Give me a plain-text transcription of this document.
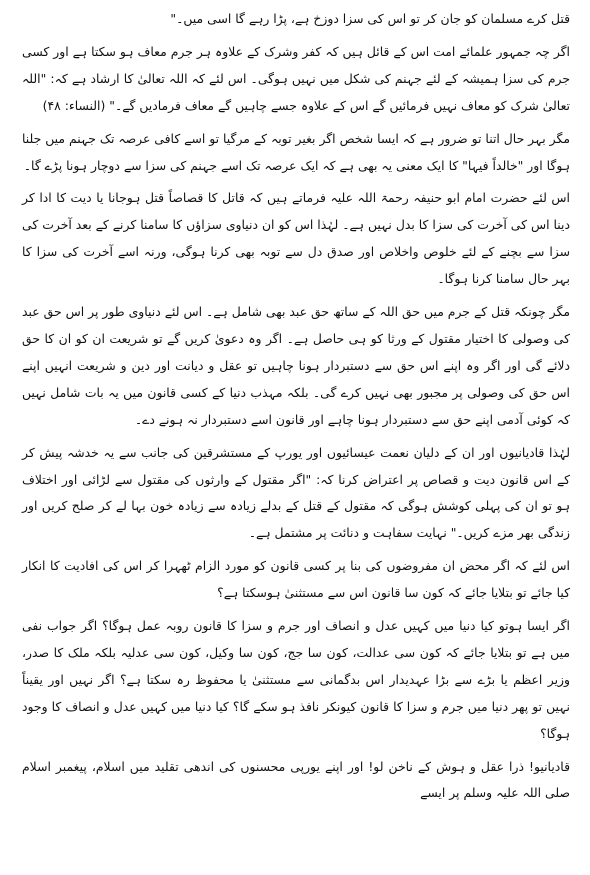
قتل کرے مسلمان کو جان کر تو اس کی سزا دوزخ ہے، پڑا رہے گا اسی میں۔"

اگر چہ جمہور علمائے امت اس کے قائل ہیں کہ کفر وشرک کے علاوہ ہر جرم معاف ہو سکتا ہے اور کسی جرم کی سزا ہمیشہ کے لئے جہنم کی شکل میں نہیں ہوگی۔ اس لئے کہ اللہ تعالیٰ کا ارشاد ہے کہ: "اللہ تعالیٰ شرک کو معاف نہیں فرمائیں گے اس کے علاوہ جسے چاہیں گے معاف فرمادیں گے۔" (النساء: ۴۸)

مگر بہر حال اتنا تو ضرور ہے کہ ایسا شخص اگر بغیر توبہ کے مرگیا تو اسے کافی عرصہ تک جہنم میں جلنا ہوگا اور "خالداً فیہا" کا ایک معنی یہ بھی ہے کہ ایک عرصہ تک اسے جہنم کی سزا سے دوچار ہونا پڑے گا۔

اس لئے حضرت امام ابو حنیفہ رحمۃ اللہ علیہ فرماتے ہیں کہ قاتل کا قصاصاً قتل ہوجانا یا دیت کا ادا کر دینا اس کی آخرت کی سزا کا بدل نہیں ہے۔ لہٰذا اس کو ان دنیاوی سزاؤں کا سامنا کرنے کے بعد آخرت کی سزا سے بچنے کے لئے خلوص واخلاص اور صدق دل سے توبہ بھی کرنا ہوگی، ورنہ اسے آخرت کی سزا کا بہر حال سامنا کرنا ہوگا۔

مگر چونکہ قتل کے جرم میں حق اللہ کے ساتھ حق عبد بھی شامل ہے۔ اس لئے دنیاوی طور پر اس حق عبد کی وصولی کا اختیار مقتول کے ورثا کو ہی حاصل ہے۔ اگر وہ دعویٰ کریں گے تو شریعت ان کو ان کا حق دلائے گی اور اگر وہ اپنے اس حق سے دستبردار ہونا چاہیں تو عقل و دیانت اور دین و شریعت انہیں اپنے اس حق کی وصولی پر مجبور بھی نہیں کرے گی۔ بلکہ مہذب دنیا کے کسی قانون میں یہ بات شامل نہیں کہ کوئی آدمی اپنے حق سے دستبردار ہونا چاہے اور قانون اسے دستبردار نہ ہونے دے۔

لہٰذا قادیانیوں اور ان کے دلیان نعمت عیسائیوں اور یورپ کے مستشرقین کی جانب سے یہ خدشہ پیش کر کے اس قانون دیت و قصاص پر اعتراض کرنا کہ: "اگر مقتول کے وارثوں کی مقتول سے لڑائی اور اختلاف ہو تو ان کی پہلی کوشش ہوگی کہ مقتول کے قتل کے بدلے زیادہ سے زیادہ خون بہا لے کر صلح کریں اور زندگی بھر مزے کریں۔" نہایت سفاہت و دنائت پر مشتمل ہے۔

اس لئے کہ اگر محض ان مفروضوں کی بنا پر کسی قانون کو مورد الزام ٹھہرا کر اس کی افادیت کا انکار کیا جائے تو بتلایا جائے کہ کون سا قانون اس سے مستثنیٰ ہوسکتا ہے؟

اگر ایسا ہوتو کیا دنیا میں کہیں عدل و انصاف اور جرم و سزا کا قانون روبہ عمل ہوگا؟ اگر جواب نفی میں ہے تو بتلایا جائے کہ کون سی عدالت، کون سا جج، کون سا وکیل، کون سی عدلیہ بلکہ ملک کا صدر، وزیر اعظم یا بڑے سے بڑا عہدیدار اس بدگمانی سے مستثنیٰ یا محفوظ رہ سکتا ہے؟ اگر نہیں اور یقیناً نہیں تو پھر دنیا میں جرم و سزا کا قانون کیونکر نافذ ہو سکے گا؟ کیا دنیا میں کہیں عدل و انصاف کا وجود ہوگا؟

قادیانیو! ذرا عقل و ہوش کے ناخن لو! اور اپنے یورپی محسنوں کی اندھی تقلید میں اسلام، پیغمبر اسلام صلی اللہ علیہ وسلم پر ایسے
